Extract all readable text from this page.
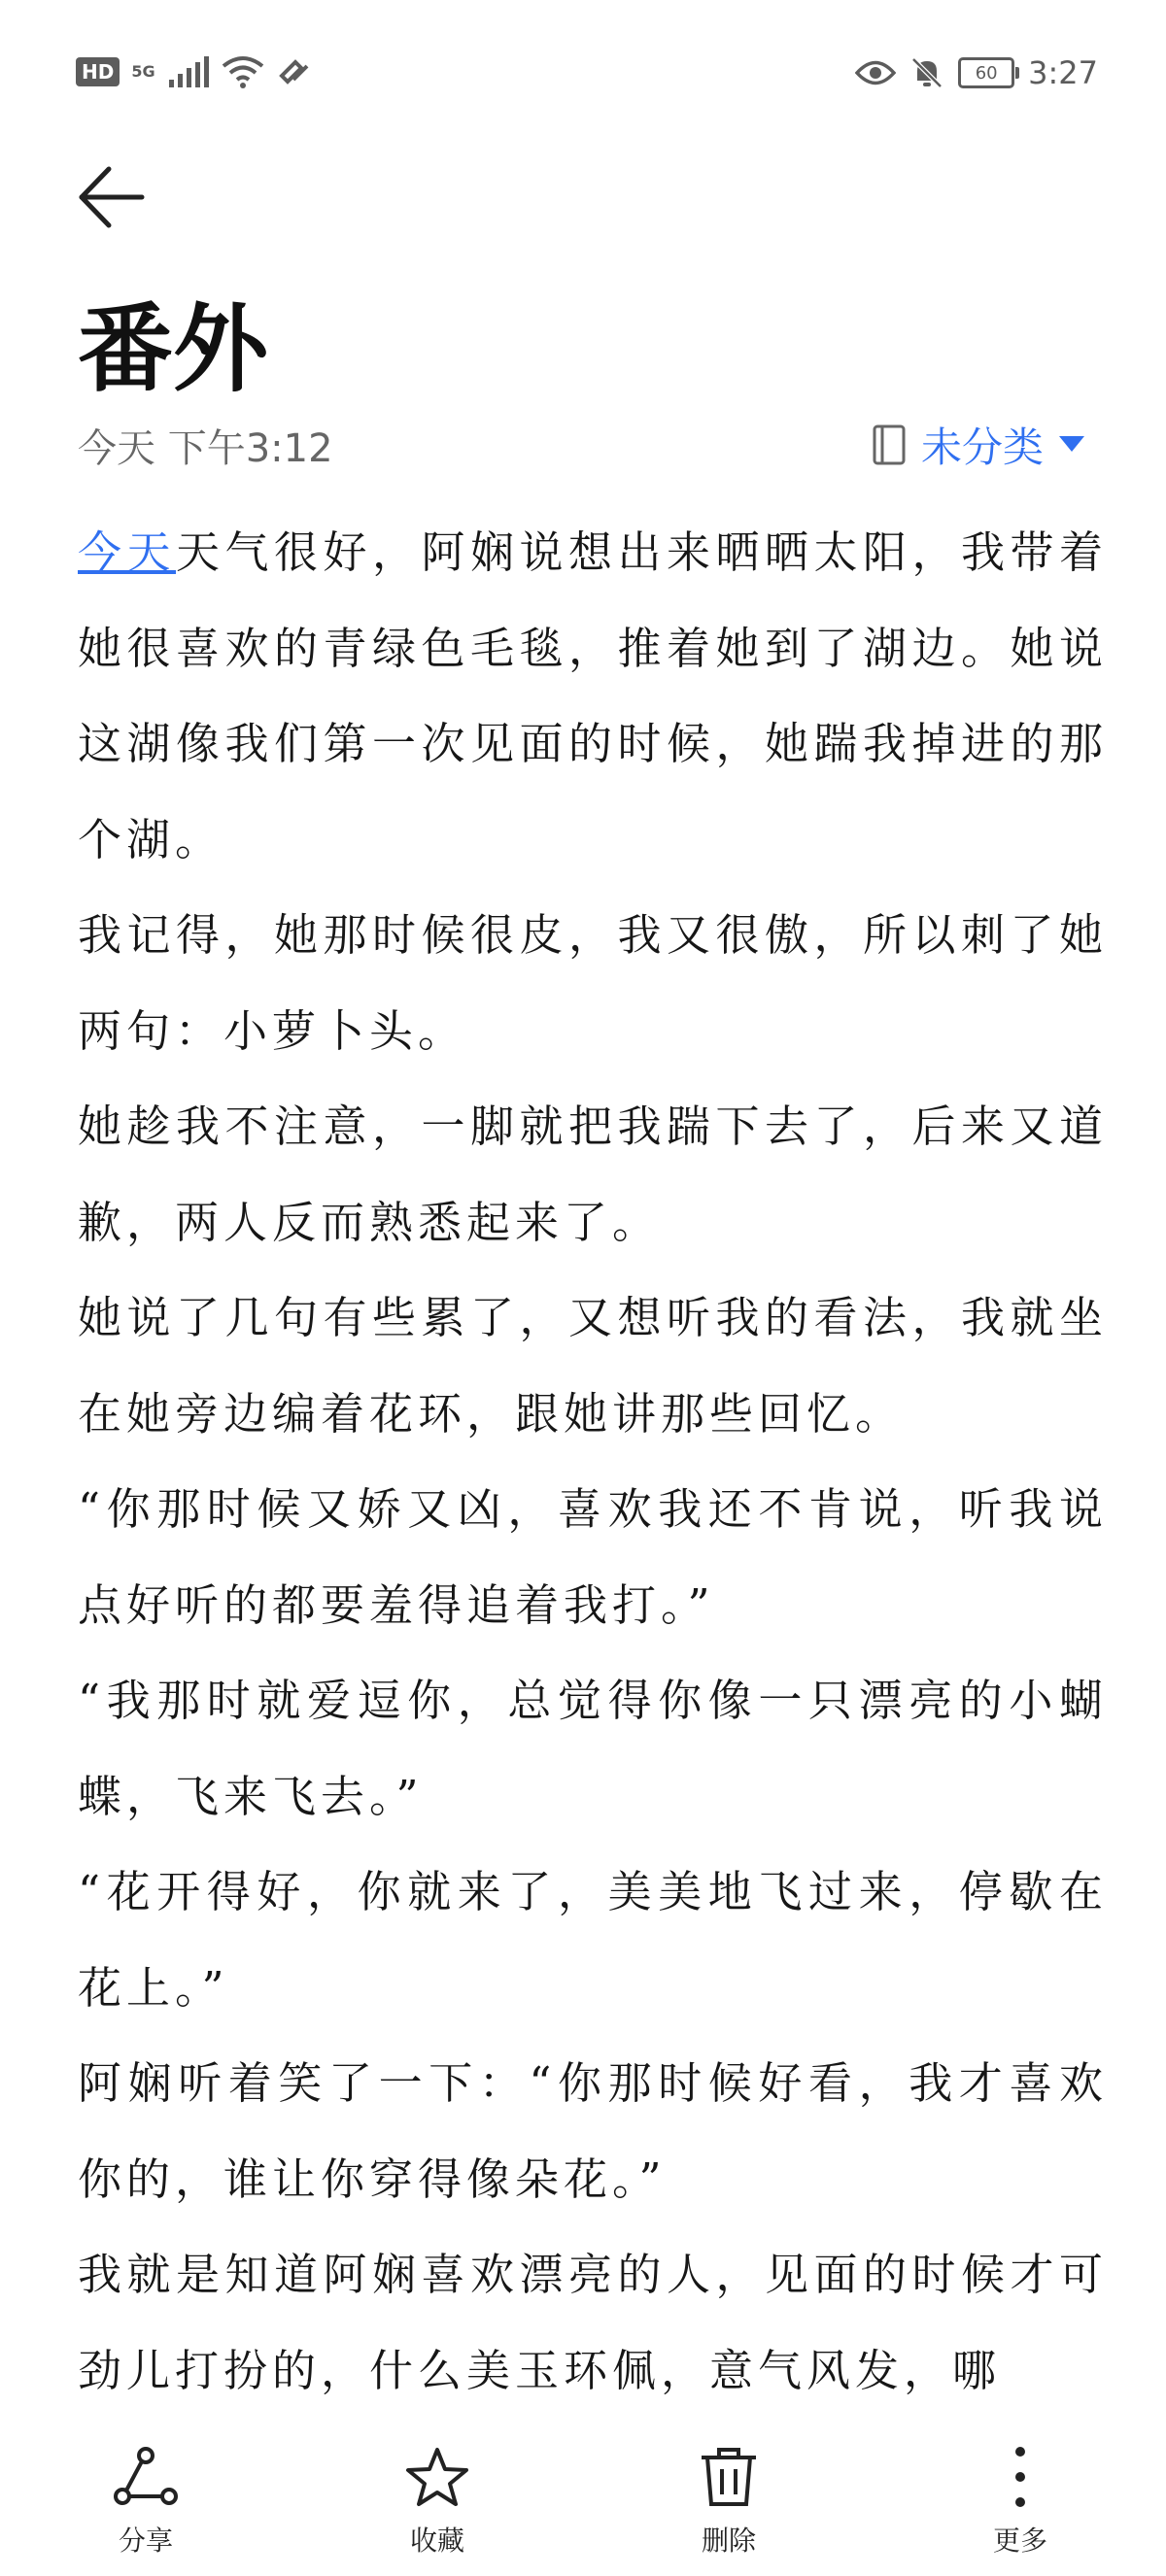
HD	5G	60 3:27
番外
今天 下午3:12	未分类

今天天气很好，阿娴说想出来晒晒太阳，我带着她很喜欢的青绿色毛毯，推着她到了湖边。她说这湖像我们第一次见面的时候，她踹我掉进的那个湖。

我记得，她那时候很皮，我又很傲，所以刺了她两句：小萝卜头。

她趁我不注意，一脚就把我踹下去了，后来又道歉，两人反而熟悉起来了。

她说了几句有些累了，又想听我的看法，我就坐在她旁边编着花环，跟她讲那些回忆。

“你那时候又娇又凶，喜欢我还不肯说，听我说点好听的都要羞得追着我打。”

“我那时就爱逗你，总觉得你像一只漂亮的小蝴蝶，飞来飞去。”

“花开得好，你就来了，美美地飞过来，停歇在花上。”

阿娴听着笑了一下：“你那时候好看，我才喜欢你的，谁让你穿得像朵花。”

我就是知道阿娴喜欢漂亮的人，见面的时候才可劲儿打扮的，什么美玉环佩，意气风发，哪

分享	收藏	删除	更多
